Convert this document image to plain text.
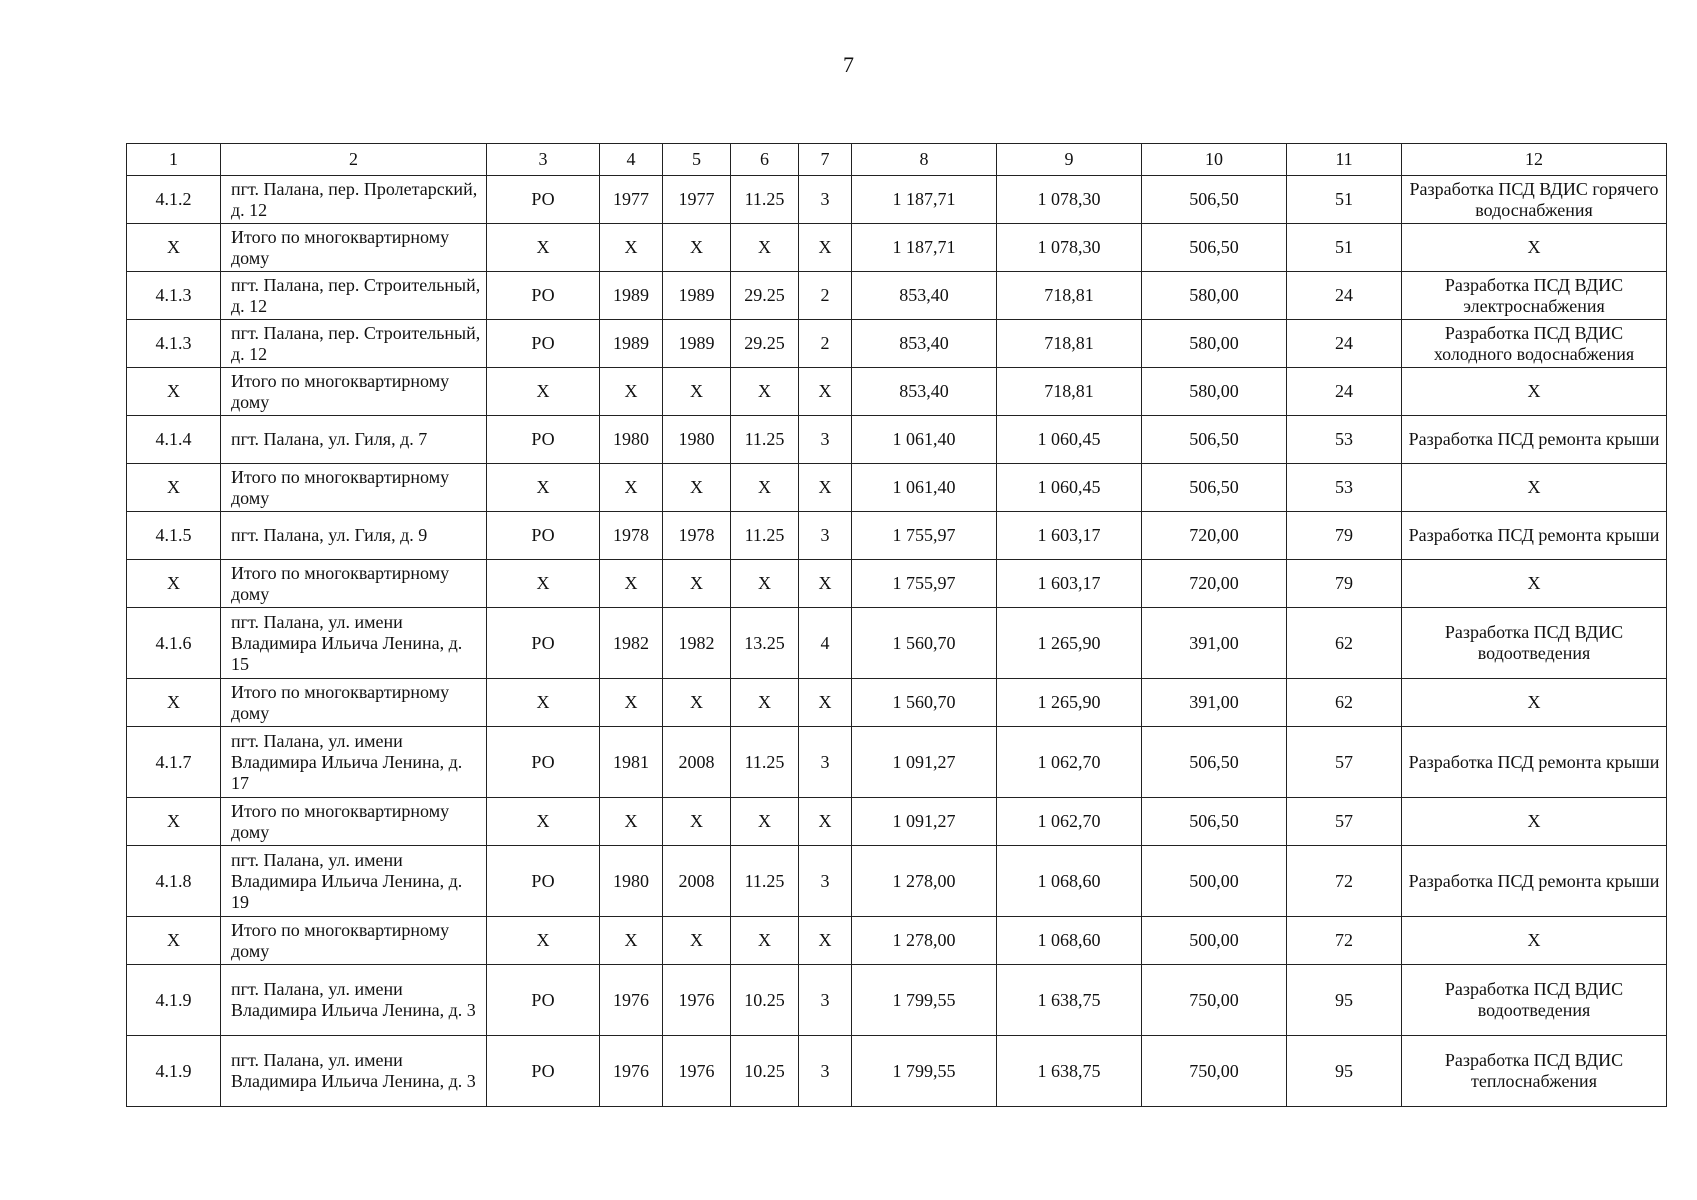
7
1	2	3	4	5	6	7	8	9	10	11	12
4.1.2	пгт. Палана, пер. Пролетарский, д. 12	РО	1977	1977	11.25	3	1 187,71	1 078,30	506,50	51	Разработка ПСД ВДИС горячего водоснабжения
X	Итого по многоквартирному дому	X	X	X	X	X	1 187,71	1 078,30	506,50	51	X
4.1.3	пгт. Палана, пер. Строительный, д. 12	РО	1989	1989	29.25	2	853,40	718,81	580,00	24	Разработка ПСД ВДИС электроснабжения
4.1.3	пгт. Палана, пер. Строительный, д. 12	РО	1989	1989	29.25	2	853,40	718,81	580,00	24	Разработка ПСД ВДИС холодного водоснабжения
X	Итого по многоквартирному дому	X	X	X	X	X	853,40	718,81	580,00	24	X
4.1.4	пгт. Палана, ул. Гиля, д. 7	РО	1980	1980	11.25	3	1 061,40	1 060,45	506,50	53	Разработка ПСД ремонта крыши
X	Итого по многоквартирному дому	X	X	X	X	X	1 061,40	1 060,45	506,50	53	X
4.1.5	пгт. Палана, ул. Гиля, д. 9	РО	1978	1978	11.25	3	1 755,97	1 603,17	720,00	79	Разработка ПСД ремонта крыши
X	Итого по многоквартирному дому	X	X	X	X	X	1 755,97	1 603,17	720,00	79	X
4.1.6	пгт. Палана, ул. имени Владимира Ильича Ленина, д. 15	РО	1982	1982	13.25	4	1 560,70	1 265,90	391,00	62	Разработка ПСД ВДИС водоотведения
X	Итого по многоквартирному дому	X	X	X	X	X	1 560,70	1 265,90	391,00	62	X
4.1.7	пгт. Палана, ул. имени Владимира Ильича Ленина, д. 17	РО	1981	2008	11.25	3	1 091,27	1 062,70	506,50	57	Разработка ПСД ремонта крыши
X	Итого по многоквартирному дому	X	X	X	X	X	1 091,27	1 062,70	506,50	57	X
4.1.8	пгт. Палана, ул. имени Владимира Ильича Ленина, д. 19	РО	1980	2008	11.25	3	1 278,00	1 068,60	500,00	72	Разработка ПСД ремонта крыши
X	Итого по многоквартирному дому	X	X	X	X	X	1 278,00	1 068,60	500,00	72	X
4.1.9	пгт. Палана, ул. имени Владимира Ильича Ленина, д. 3	РО	1976	1976	10.25	3	1 799,55	1 638,75	750,00	95	Разработка ПСД ВДИС водоотведения
4.1.9	пгт. Палана, ул. имени Владимира Ильича Ленина, д. 3	РО	1976	1976	10.25	3	1 799,55	1 638,75	750,00	95	Разработка ПСД ВДИС теплоснабжения
